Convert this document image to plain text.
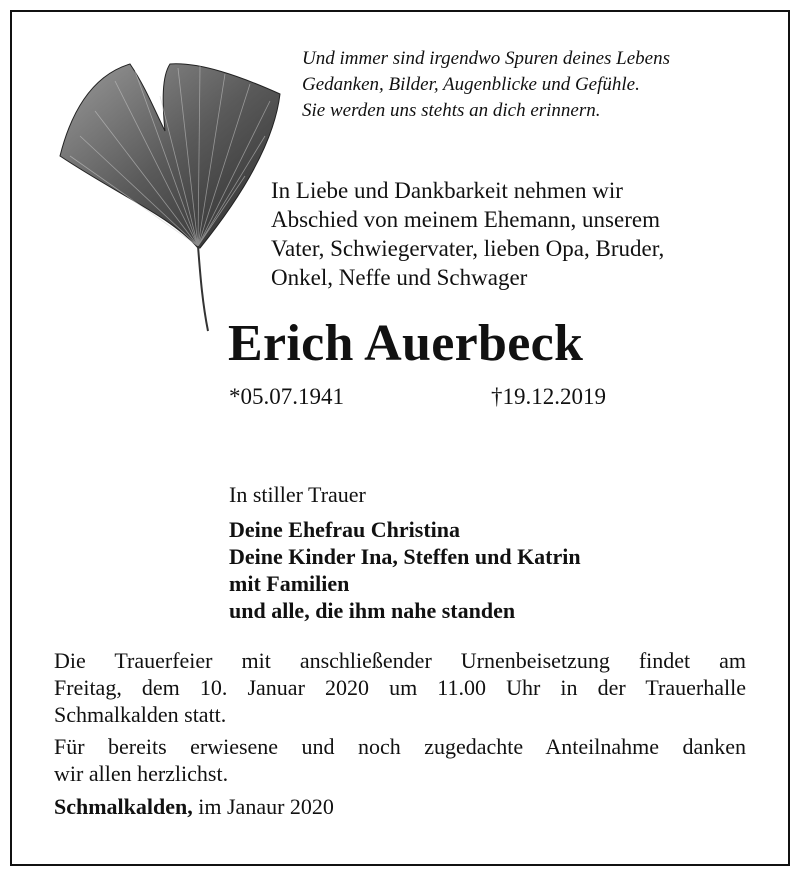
Und immer sind irgendwo Spuren deines Lebens
Gedanken, Bilder, Augenblicke und Gefühle.
Sie werden uns stehts an dich erinnern.
In Liebe und Dankbarkeit nehmen wir
Abschied von meinem Ehemann, unserem
Vater, Schwiegervater, lieben Opa, Bruder,
Onkel, Neffe und Schwager
Erich Auerbeck
*05.07.1941	†19.12.2019
In stiller Trauer
Deine Ehefrau Christina
Deine Kinder Ina, Steffen und Katrin
mit Familien
und alle, die ihm nahe standen
Die Trauerfeier mit anschließender Urnenbeisetzung findet am
Freitag, dem 10. Januar 2020 um 11.00 Uhr in der Trauerhalle
Schmalkalden statt.
Für bereits erwiesene und noch zugedachte Anteilnahme danken
wir allen herzlichst.
Schmalkalden, im Janaur 2020
